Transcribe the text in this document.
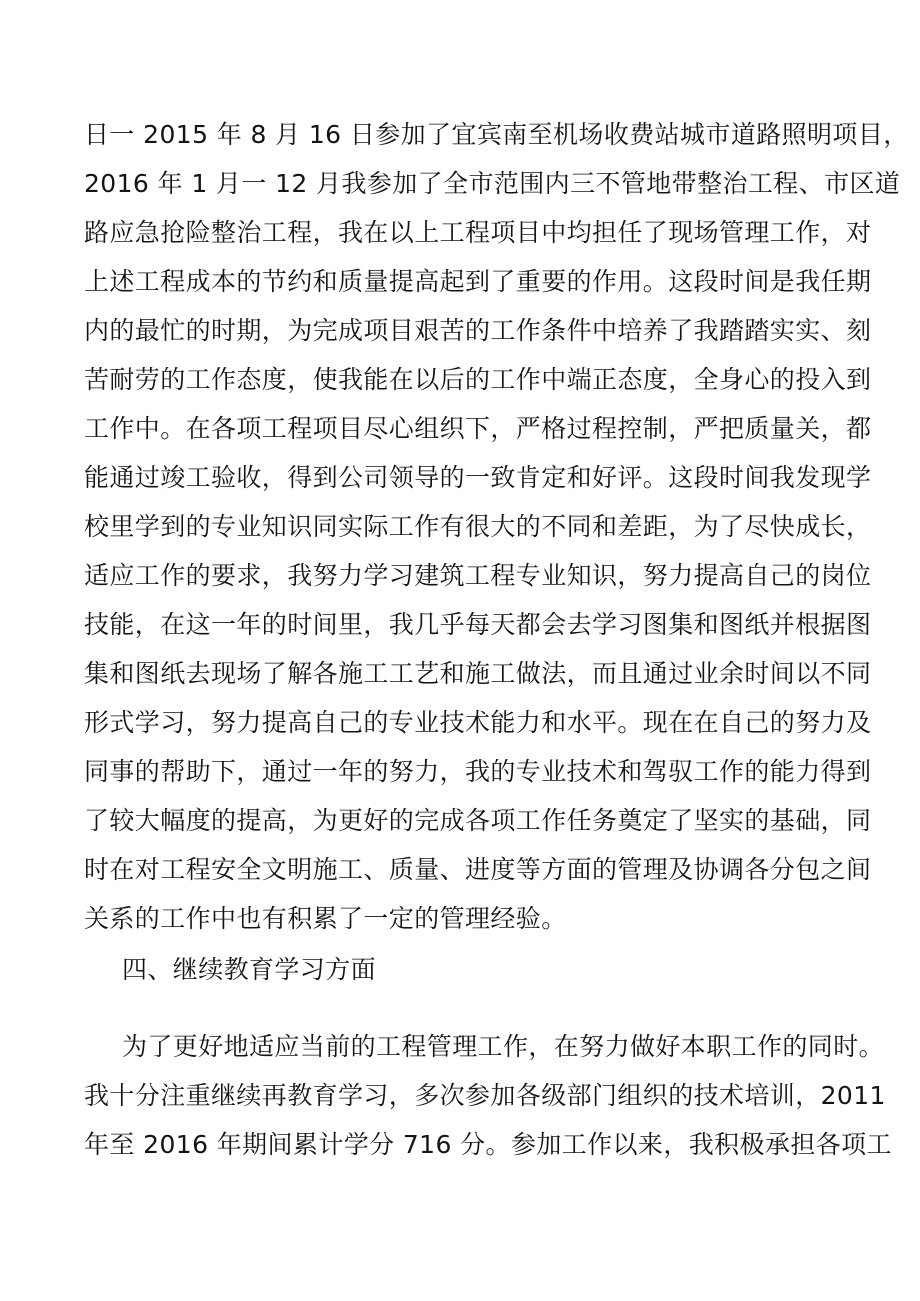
日一 2015 年 8 月 16 日参加了宜宾南至机场收费站城市道路照明项目，
2016 年 1 月一 12 月我参加了全市范围内三不管地带整治工程、市区道
路应急抢险整治工程，我在以上工程项目中均担任了现场管理工作，对
上述工程成本的节约和质量提高起到了重要的作用。这段时间是我任期
内的最忙的时期，为完成项目艰苦的工作条件中培养了我踏踏实实、刻
苦耐劳的工作态度，使我能在以后的工作中端正态度，全身心的投入到
工作中。在各项工程项目尽心组织下，严格过程控制，严把质量关，都
能通过竣工验收，得到公司领导的一致肯定和好评。这段时间我发现学
校里学到的专业知识同实际工作有很大的不同和差距，为了尽快成长，
适应工作的要求，我努力学习建筑工程专业知识，努力提高自己的岗位
技能，在这一年的时间里，我几乎每天都会去学习图集和图纸并根据图
集和图纸去现场了解各施工工艺和施工做法，而且通过业余时间以不同
形式学习，努力提高自己的专业技术能力和水平。现在在自己的努力及
同事的帮助下，通过一年的努力，我的专业技术和驾驭工作的能力得到
了较大幅度的提高，为更好的完成各项工作任务奠定了坚实的基础，同
时在对工程安全文明施工、质量、进度等方面的管理及协调各分包之间
关系的工作中也有积累了一定的管理经验。
四、继续教育学习方面
为了更好地适应当前的工程管理工作，在努力做好本职工作的同时。
我十分注重继续再教育学习，多次参加各级部门组织的技术培训，2011
年至 2016 年期间累计学分 716 分。参加工作以来，我积极承担各项工
